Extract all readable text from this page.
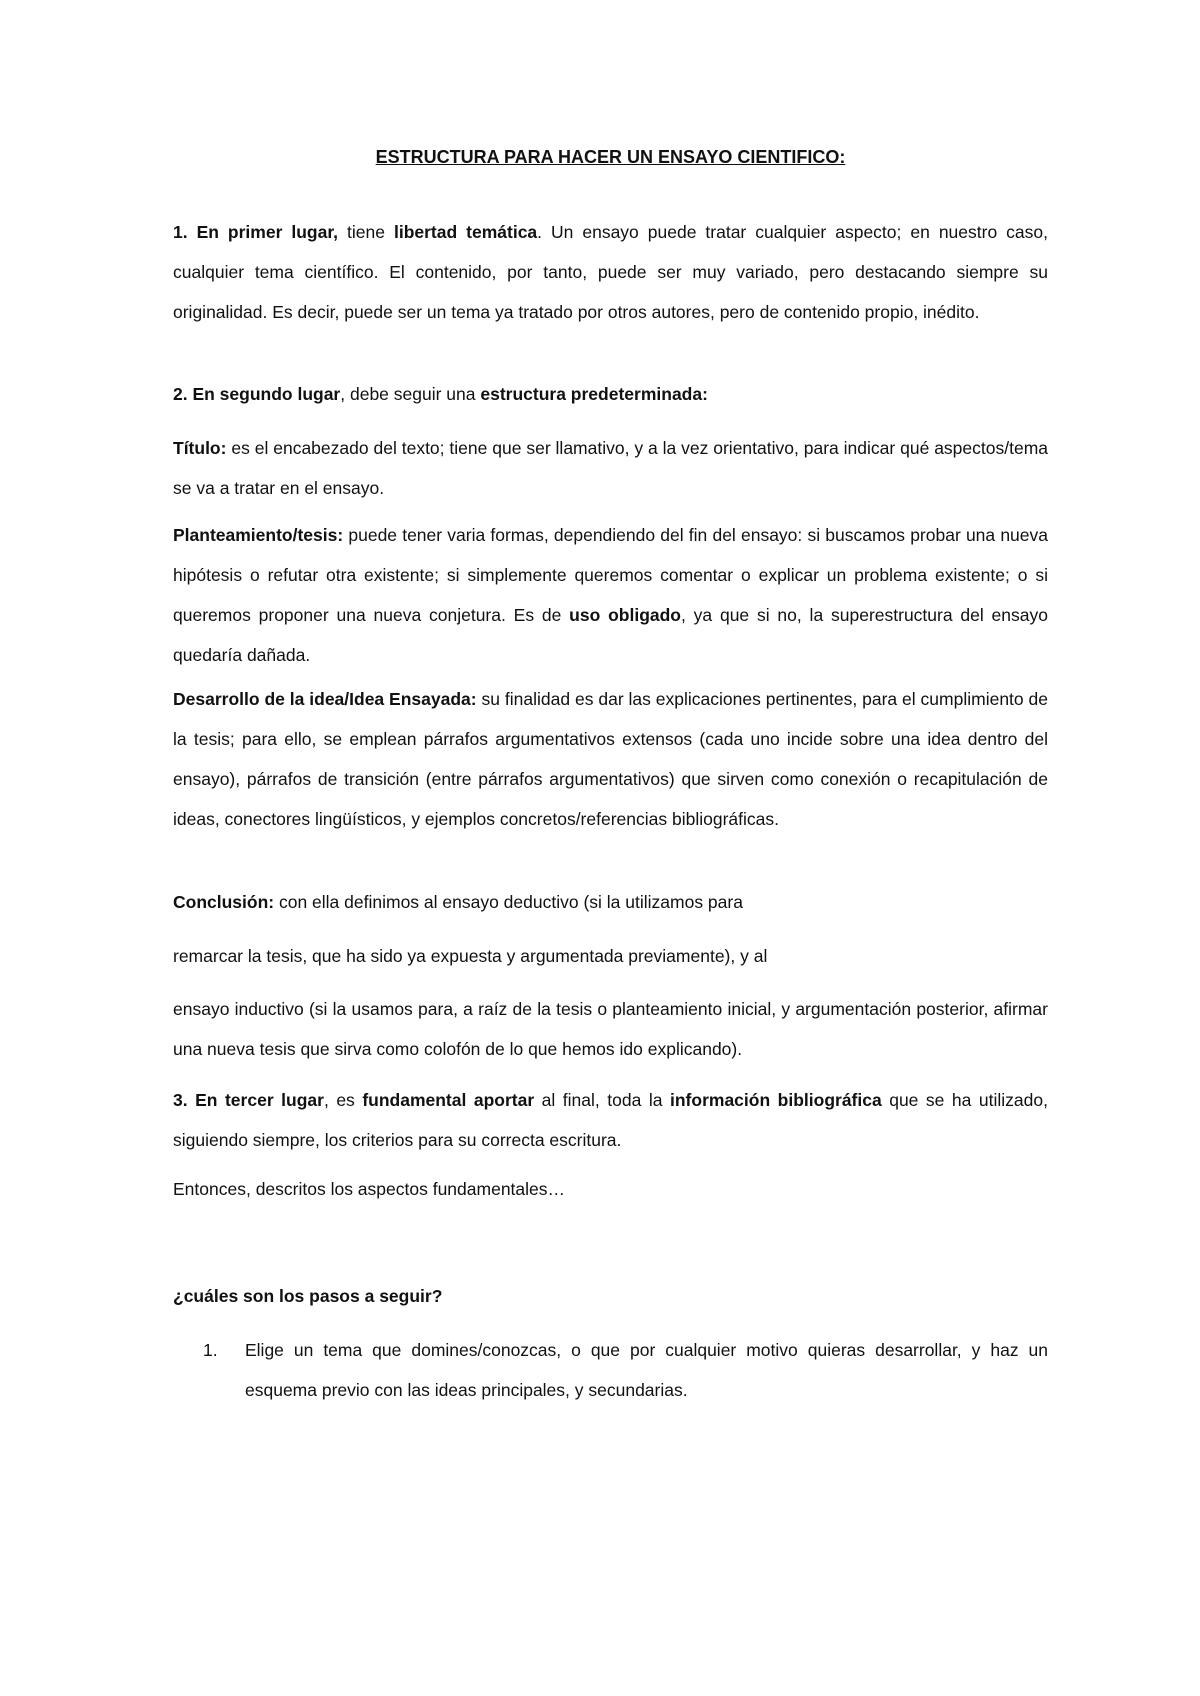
ESTRUCTURA PARA HACER UN ENSAYO CIENTIFICO:

1. En primer lugar, tiene libertad temática. Un ensayo puede tratar cualquier aspecto; en nuestro caso, cualquier tema científico. El contenido, por tanto, puede ser muy variado, pero destacando siempre su originalidad. Es decir, puede ser un tema ya tratado por otros autores, pero de contenido propio, inédito.

2. En segundo lugar, debe seguir una estructura predeterminada:

Título: es el encabezado del texto; tiene que ser llamativo, y a la vez orientativo, para indicar qué aspectos/tema se va a tratar en el ensayo.

Planteamiento/tesis: puede tener varia formas, dependiendo del fin del ensayo: si buscamos probar una nueva hipótesis o refutar otra existente; si simplemente queremos comentar o explicar un problema existente; o si queremos proponer una nueva conjetura. Es de uso obligado, ya que si no, la superestructura del ensayo quedaría dañada.

Desarrollo de la idea/Idea Ensayada: su finalidad es dar las explicaciones pertinentes, para el cumplimiento de la tesis; para ello, se emplean párrafos argumentativos extensos (cada uno incide sobre una idea dentro del ensayo), párrafos de transición (entre párrafos argumentativos) que sirven como conexión o recapitulación de ideas, conectores lingüísticos, y ejemplos concretos/referencias bibliográficas.

Conclusión: con ella definimos al ensayo deductivo (si la utilizamos para

remarcar la tesis, que ha sido ya expuesta y argumentada previamente), y al

ensayo inductivo (si la usamos para, a raíz de la tesis o planteamiento inicial, y argumentación posterior, afirmar una nueva tesis que sirva como colofón de lo que hemos ido explicando).

3. En tercer lugar, es fundamental aportar al final, toda la información bibliográfica que se ha utilizado, siguiendo siempre, los criterios para su correcta escritura.

Entonces, descritos los aspectos fundamentales…

¿cuáles son los pasos a seguir?

1. Elige un tema que domines/conozcas, o que por cualquier motivo quieras desarrollar, y haz un esquema previo con las ideas principales, y secundarias.
